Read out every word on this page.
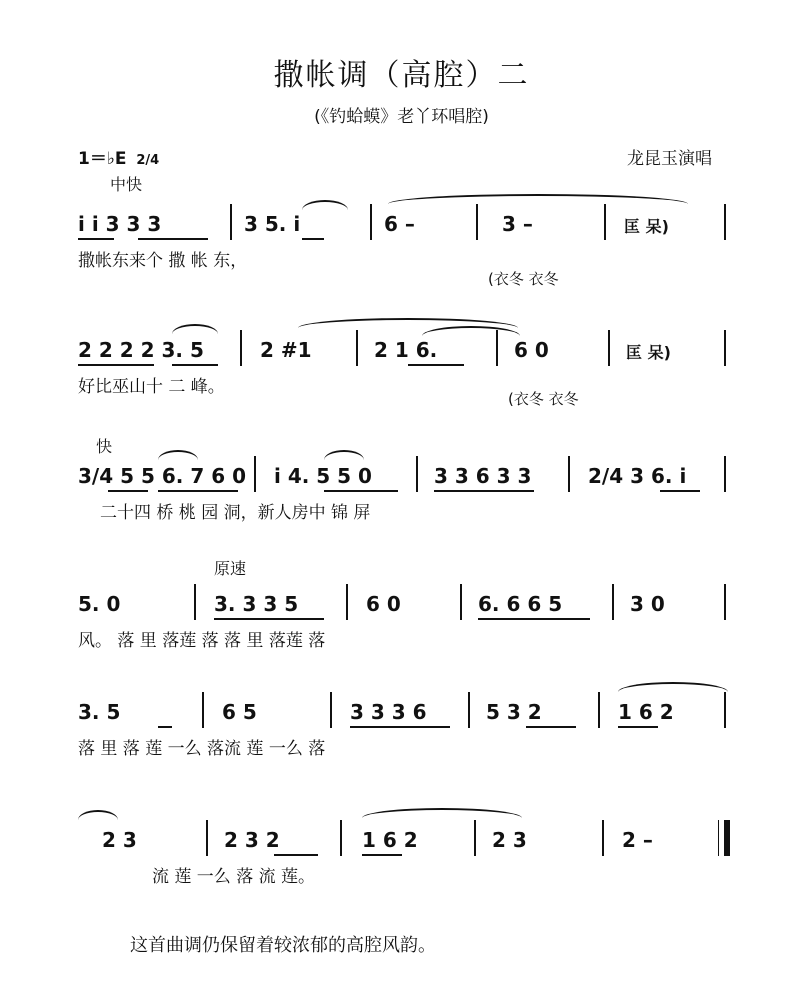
撒帐调（高腔）二
(《钓蛤蟆》老丫环唱腔)
1＝♭E 2/4	龙昆玉演唱
中快
i i 3 3 3	3 5. i	6 –	3 –	匡 呆)
撒帐东来个 撒 帐 东，
(衣冬 衣冬
2 2 2 2 3. 5	2 #1	2 1 6.	6 0	匡 呆)
好比巫山十 二 峰。
(衣冬 衣冬
快
3/4 5 5 6. 7 6 0 i 4. 5 5 0	3 3 6 3 3	2/4 3 6. i
二十四 桥 桃 园 洞，新人房中 锦 屏
原速
5. 0	3. 3 3 5	6 0	6. 6 6 5	3 0
风。 落 里 落莲 落 落 里 落莲 落
3. 5	6 5	3 3 3 6	5 3 2	1 6 2
落 里 落 莲 一么 落流 莲 一么 落
2 3	2 3 2	1 6 2	2 3	2 –
流 莲 一么 落 流 莲。
这首曲调仍保留着较浓郁的高腔风韵。
